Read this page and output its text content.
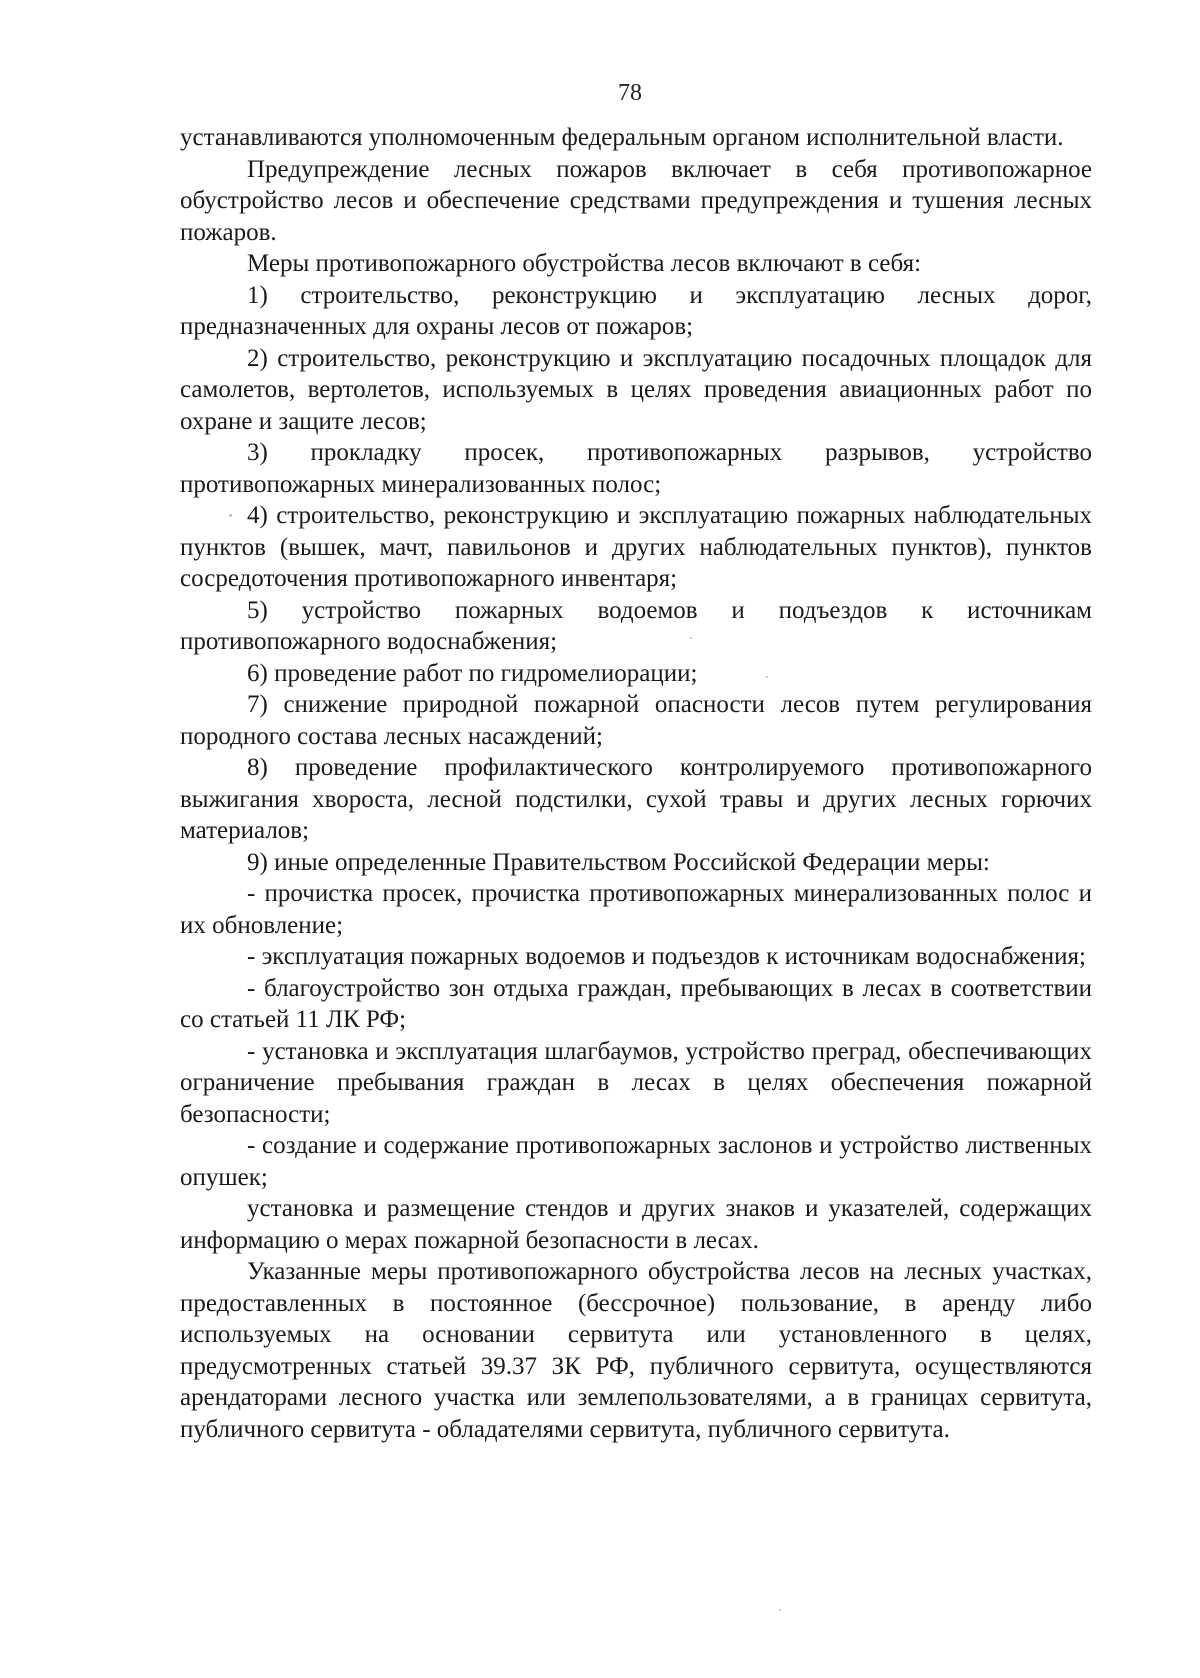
78

устанавливаются уполномоченным федеральным органом исполнительной власти.

Предупреждение лесных пожаров включает в себя противопожарное обустройство лесов и обеспечение средствами предупреждения и тушения лесных пожаров.

Меры противопожарного обустройства лесов включают в себя:

1) строительство, реконструкцию и эксплуатацию лесных дорог, предназначенных для охраны лесов от пожаров;

2) строительство, реконструкцию и эксплуатацию посадочных площадок для самолетов, вертолетов, используемых в целях проведения авиационных работ по охране и защите лесов;

3) прокладку просек, противопожарных разрывов, устройство противопожарных минерализованных полос;

4) строительство, реконструкцию и эксплуатацию пожарных наблюдательных пунктов (вышек, мачт, павильонов и других наблюдательных пунктов), пунктов сосредоточения противопожарного инвентаря;

5) устройство пожарных водоемов и подъездов к источникам противопожарного водоснабжения;

6) проведение работ по гидромелиорации;

7) снижение природной пожарной опасности лесов путем регулирования породного состава лесных насаждений;

8) проведение профилактического контролируемого противопожарного выжигания хвороста, лесной подстилки, сухой травы и других лесных горючих материалов;

9) иные определенные Правительством Российской Федерации меры:

- прочистка просек, прочистка противопожарных минерализованных полос и их обновление;

- эксплуатация пожарных водоемов и подъездов к источникам водоснабжения;

- благоустройство зон отдыха граждан, пребывающих в лесах в соответствии со статьей 11 ЛК РФ;

- установка и эксплуатация шлагбаумов, устройство преград, обеспечивающих ограничение пребывания граждан в лесах в целях обеспечения пожарной безопасности;

- создание и содержание противопожарных заслонов и устройство лиственных опушек;

установка и размещение стендов и других знаков и указателей, содержащих информацию о мерах пожарной безопасности в лесах.

Указанные меры противопожарного обустройства лесов на лесных участках, предоставленных в постоянное (бессрочное) пользование, в аренду либо используемых на основании сервитута или установленного в целях, предусмотренных статьей 39.37 ЗК РФ, публичного сервитута, осуществляются арендаторами лесного участка или землепользователями, а в границах сервитута, публичного сервитута - обладателями сервитута, публичного сервитута.
